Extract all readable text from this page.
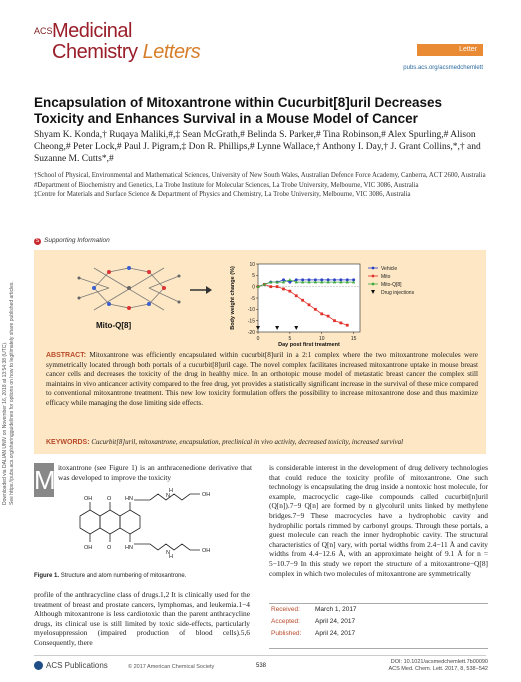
Downloaded via DALIAN UNIV on November 16, 2018 at 13:54:38 (UTC). See https://pubs.acs.org/sharingguidelines for options on how to legitimately share published articles.
ACS Medicinal
Chemistry Letters	Letter
pubs.acs.org/acsmedchemlett
Encapsulation of Mitoxantrone within Cucurbit[8]uril Decreases Toxicity and Enhances Survival in a Mouse Model of Cancer
Shyam K. Konda,† Ruqaya Maliki,#,‡ Sean McGrath,# Belinda S. Parker,# Tina Robinson,# Alex Spurling,# Alison Cheong,# Peter Lock,# Paul J. Pigram,‡ Don R. Phillips,# Lynne Wallace,† Anthony I. Day,† J. Grant Collins,*,† and Suzanne M. Cutts*,#

†School of Physical, Environmental and Mathematical Sciences, University of New South Wales, Australian Defence Force Academy, Canberra, ACT 2600, Australia

#Department of Biochemistry and Genetics, La Trobe Institute for Molecular Sciences, La Trobe University, Melbourne, VIC 3086, Australia

‡Centre for Materials and Surface Science & Department of Physics and Chemistry, La Trobe University, Melbourne, VIC 3086, Australia

S Supporting Information
Mito-Q[8]
10
5
0
-5
-10
-15
-20
0	5	10	15
Day post first treatment
Body weight change (%)	Vehicle
Mito
Mito-Q[8]
Drug injections
ABSTRACT: Mitoxantrone was efficiently encapsulated within cucurbit[8]uril in a 2:1 complex where the two mitoxantrone molecules were symmetrically located through both portals of a cucurbit[8]uril cage. The novel complex facilitates increased mitoxantrone uptake in mouse breast cancer cells and decreases the toxicity of the drug in healthy mice. In an orthotopic mouse model of metastatic breast cancer the complex still maintains in vivo anticancer activity compared to the free drug, yet provides a statistically significant increase in the survival of these mice compared to conventional mitoxantrone treatment. This new low toxicity formulation offers the possibility to increase mitoxantrone dose and thus maximize efficacy while managing the dose limiting side effects.
KEYWORDS: Cucurbit[8]uril, mitoxantrone, encapsulation, preclinical in vivo activity, decreased toxicity, increased survival
M itoxantrone (see Figure 1) is an anthracenedione derivative that was developed to improve the toxicity
OH	O HN
OH	O HN
H
N	OH
H
N	OH
Figure 1. Structure and atom numbering of mitoxantrone.
profile of the anthracycline class of drugs.1,2 It is clinically used for the treatment of breast and prostate cancers, lymphomas, and leukemia.1−4 Although mitoxantrone is less cardiotoxic than the parent anthracycline drugs, its clinical use is still limited by toxic side-effects, particularly myelosuppression (impaired production of blood cells).5,6 Consequently, there
is considerable interest in the development of drug delivery technologies that could reduce the toxicity profile of mitoxantrone. One such technology is encapsulating the drug inside a nontoxic host molecule, for example, macrocyclic cage-like compounds called cucurbit[n]uril (Q[n]).7−9 Q[n] are formed by n glycoluril units linked by methylene bridges.7−9 These macrocycles have a hydrophobic cavity and hydrophilic portals rimmed by carbonyl groups. Through these portals, a guest molecule can reach the inner hydrophobic cavity. The structural characteristics of Q[n] vary, with portal widths from 2.4−11 Å and cavity widths from 4.4−12.6 Å, with an approximate height of 9.1 Å for n = 5−10.7−9 In this study we report the structure of a mitoxantrone−Q[8] complex in which two molecules of mitoxantrone are symmetrically
Received:	March 1, 2017
Accepted:	April 24, 2017
Published:	April 24, 2017
ACS Publications	© 2017 American Chemical Society	538
DOI: 10.1021/acsmedchemlett.7b00090
ACS Med. Chem. Lett. 2017, 8, 538−542
